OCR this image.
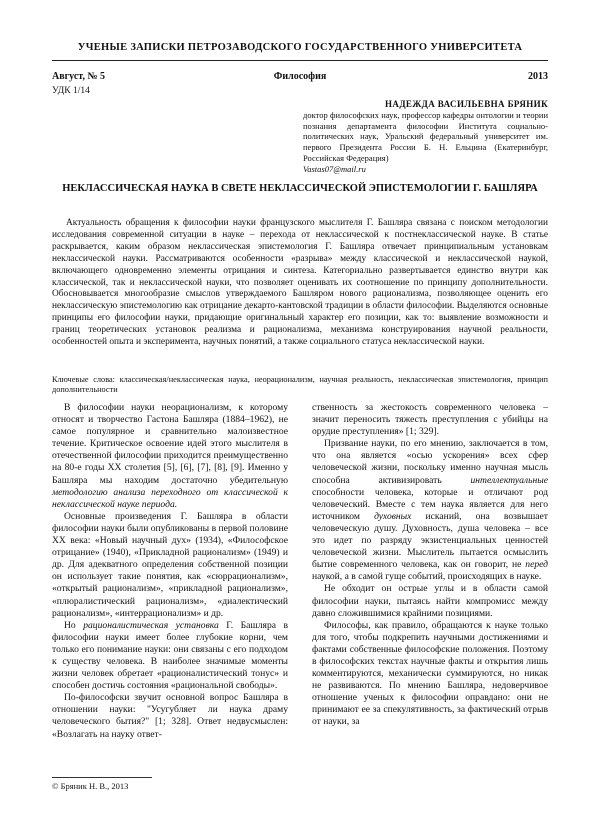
УЧЕНЫЕ ЗАПИСКИ ПЕТРОЗАВОДСКОГО ГОСУДАРСТВЕННОГО УНИВЕРСИТЕТА
Философия
Август, № 5	2013
УДК 1/14
НАДЕЖДА ВАСИЛЬЕВНА БРЯНИК
доктор философских наук, профессор кафедры онтологии и теории познания департамента философии Института социально-политических наук, Уральский федеральный университет им. первого Президента России Б. Н. Ельцина (Екатеринбург, Российская Федерация)
Vastas07@mail.ru
НЕКЛАССИЧЕСКАЯ НАУКА В СВЕТЕ НЕКЛАССИЧЕСКОЙ ЭПИСТЕМОЛОГИИ Г. БАШЛЯРА

Актуальность обращения к философии науки французского мыслителя Г. Башляра связана с поиском методологии исследования современной ситуации в науке – перехода от неклассической к постнеклассической науке. В статье раскрывается, каким образом неклассическая эпистемология Г. Башляра отвечает принципиальным установкам неклассической науки. Рассматриваются особенности «разрыва» между классической и неклассической наукой, включающего одновременно элементы отрицания и синтеза. Категориально развертывается единство внутри как классической, так и неклассической науки, что позволяет оценивать их соотношение по принципу дополнительности. Обосновывается многообразие смыслов утверждаемого Башляром нового рационализма, позволяющее оценить его неклассическую эпистемологию как отрицание декарто-кантовской традиции в области философии. Выделяются основные принципы его философии науки, придающие оригинальный характер его позиции, как то: выявление возможности и границ теоретических установок реализма и рационализма, механизма конструирования научной реальности, особенностей опыта и эксперимента, научных понятий, а также социального статуса неклассической науки.

Ключевые слова: классическая/неклассическая наука, неорационализм, научная реальность, неклассическая эпистемология, принцип дополнительности

В философии науки неорационализм, к которому относят и творчество Гастона Башляра (1884–1962), не самое популярное и сравнительно малоизвестное течение. Критическое освоение идей этого мыслителя в отечественной философии приходится преимущественно на 80-е годы XX столетия [5], [6], [7], [8], [9]. Именно у Башляра мы находим достаточно убедительную методологию анализа переходного от классической к неклассической науке периода.

Основные произведения Г. Башляра в области философии науки были опубликованы в первой половине XX века: «Новый научный дух» (1934), «Философское отрицание» (1940), «Прикладной рационализм» (1949) и др. Для адекватного определения собственной позиции он использует такие понятия, как «сюррационализм», «открытый рационализм», «прикладной рационализм», «плюралистический рационализм», «диалектический рационализм», «интеррационализм» и др.

Но рационалистическая установка Г. Башляра в философии науки имеет более глубокие корни, чем только его понимание науки: они связаны с его подходом к существу человека. В наиболее значимые моменты жизни человек обретает «рационалистический тонус» и способен достичь состояния «рациональной свободы».

По-философски звучит основной вопрос Башляра в отношении науки: "Усугубляет ли наука драму человеческого бытия?" [1; 328]. Ответ недвусмыслен: «Возлагать на науку ответ-

ственность за жестокость современного человека – значит переносить тяжесть преступления с убийцы на орудие преступления» [1; 329].

Призвание науки, по его мнению, заключается в том, что она является «осью ускорения» всех сфер человеческой жизни, поскольку именно научная мысль способна активизировать интеллектуальные способности человека, которые и отличают род человеческий. Вместе с тем наука является для него источником духовных исканий, она возвышает человеческую душу. Духовность, душа человека – все это идет по разряду экзистенциальных ценностей человеческой жизни. Мыслитель пытается осмыслить бытие современного человека, как он говорит, не перед наукой, а в самой гуще событий, происходящих в науке.

Не обходит он острые углы и в области самой философии науки, пытаясь найти компромисс между давно сложившимися крайними позициями.

Философы, как правило, обращаются к науке только для того, чтобы подкрепить научными достижениями и фактами собственные философские положения. Поэтому в философских текстах научные факты и открытия лишь комментируются, механически суммируются, но никак не развиваются. По мнению Башляра, недоверчивое отношение ученых к философии оправдано: они не принимают ее за спекулятивность, за фактический отрыв от науки, за

© Бряник Н. В., 2013
